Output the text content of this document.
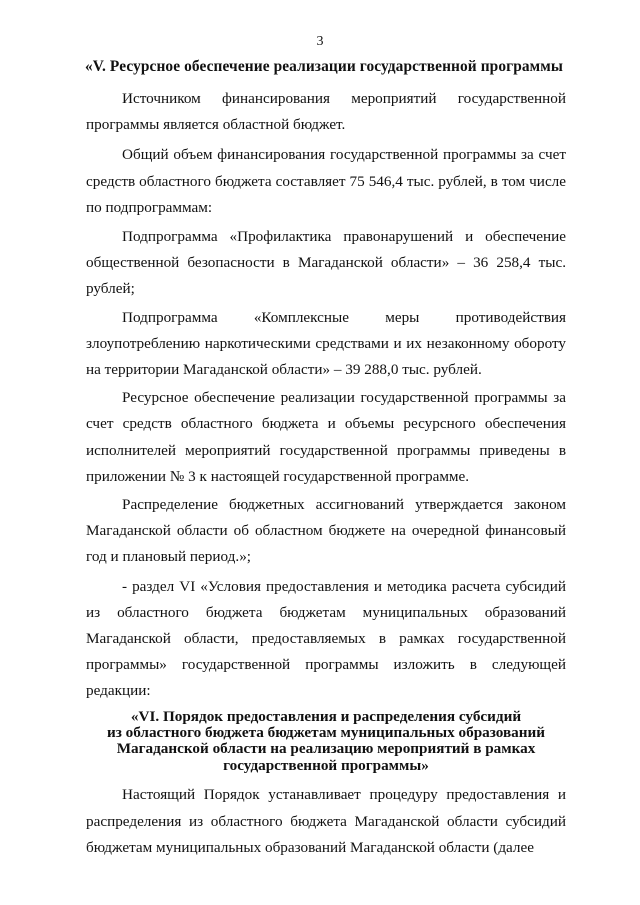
3
«V. Ресурсное обеспечение реализации государственной программы

Источником финансирования мероприятий государственной программы является областной бюджет.

Общий объем финансирования государственной программы за счет средств областного бюджета составляет 75 546,4 тыс. рублей, в том числе по подпрограммам:

Подпрограмма «Профилактика правонарушений и обеспечение общественной безопасности в Магаданской области» – 36 258,4 тыс. рублей;

Подпрограмма «Комплексные меры противодействия злоупотреблению наркотическими средствами и их незаконному обороту на территории Магаданской области» – 39 288,0 тыс. рублей.

Ресурсное обеспечение реализации государственной программы за счет средств областного бюджета и объемы ресурсного обеспечения исполнителей мероприятий государственной программы приведены в приложении № 3 к настоящей государственной программе.

Распределение бюджетных ассигнований утверждается законом Магаданской области об областном бюджете на очередной финансовый год и плановый период.»;

- раздел VI «Условия предоставления и методика расчета субсидий из областного бюджета бюджетам муниципальных образований Магаданской области, предоставляемых в рамках государственной программы» государственной программы изложить в следующей редакции:

«VI. Порядок предоставления и распределения субсидий
из областного бюджета бюджетам муниципальных образований
Магаданской области на реализацию мероприятий в рамках
государственной программы»

Настоящий Порядок устанавливает процедуру предоставления и распределения из областного бюджета Магаданской области субсидий бюджетам муниципальных образований Магаданской области (далее
